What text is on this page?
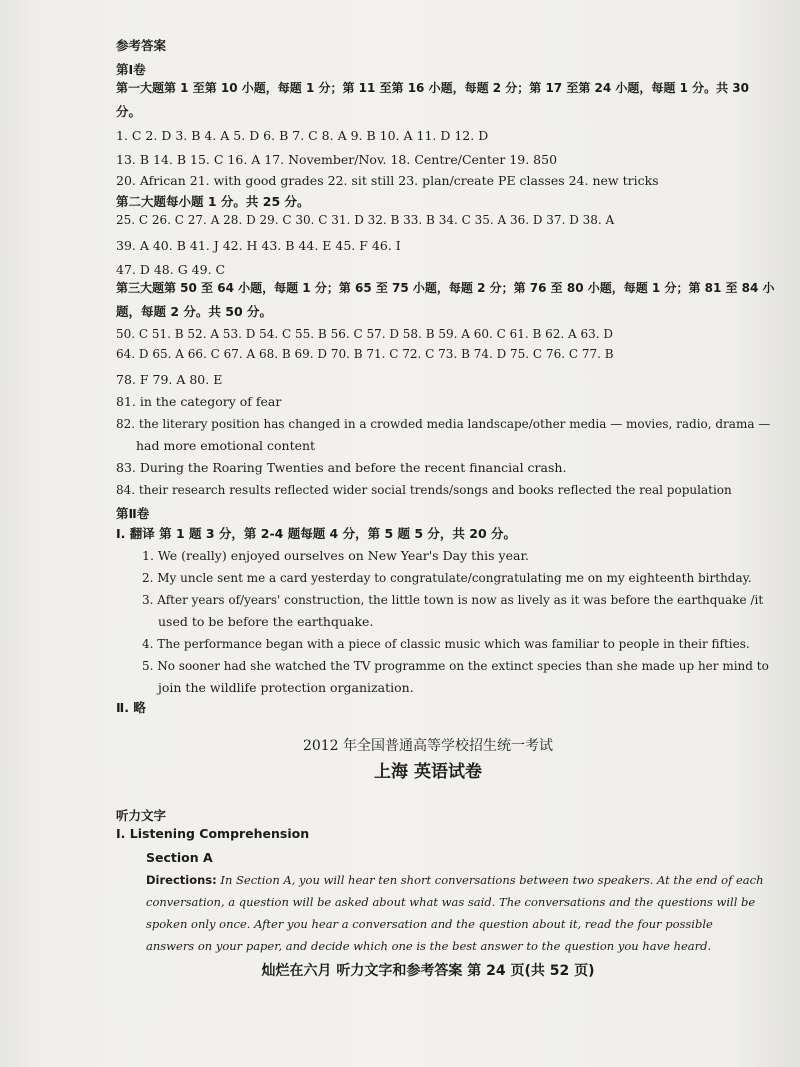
参考答案
第Ⅰ卷
第一大题第 1 至第 10 小题，每题 1 分；第 11 至第 16 小题，每题 2 分；第 17 至第 24 小题，每题 1 分。共 30
分。
1. C 2. D 3. B 4. A 5. D 6. B 7. C 8. A 9. B 10. A 11. D 12. D
13. B 14. B 15. C 16. A 17. November/Nov. 18. Centre/Center 19. 850
20. African 21. with good grades 22. sit still 23. plan/create PE classes 24. new tricks
第二大题每小题 1 分。共 25 分。
25. C 26. C 27. A 28. D 29. C 30. C 31. D 32. B 33. B 34. C 35. A 36. D 37. D 38. A
39. A 40. B 41. J 42. H 43. B 44. E 45. F 46. I
47. D 48. G 49. C
第三大题第 50 至 64 小题，每题 1 分；第 65 至 75 小题，每题 2 分；第 76 至 80 小题，每题 1 分；第 81 至 84 小
题，每题 2 分。共 50 分。
50. C 51. B 52. A 53. D 54. C 55. B 56. C 57. D 58. B 59. A 60. C 61. B 62. A 63. D
64. D 65. A 66. C 67. A 68. B 69. D 70. B 71. C 72. C 73. B 74. D 75. C 76. C 77. B
78. F 79. A 80. E
81. in the category of fear
82. the literary position has changed in a crowded media landscape/other media — movies, radio, drama —
had more emotional content
83. During the Roaring Twenties and before the recent financial crash.
84. their research results reflected wider social trends/songs and books reflected the real population
第Ⅱ卷
Ⅰ. 翻译 第 1 题 3 分，第 2-4 题每题 4 分，第 5 题 5 分，共 20 分。
1. We (really) enjoyed ourselves on New Year's Day this year.
2. My uncle sent me a card yesterday to congratulate/congratulating me on my eighteenth birthday.
3. After years of/years' construction, the little town is now as lively as it was before the earthquake /it
used to be before the earthquake.
4. The performance began with a piece of classic music which was familiar to people in their fifties.
5. No sooner had she watched the TV programme on the extinct species than she made up her mind to
join the wildlife protection organization.
Ⅱ. 略
2012 年全国普通高等学校招生统一考试
上海 英语试卷
听力文字
Ⅰ. Listening Comprehension
Section A
Directions: In Section A, you will hear ten short conversations between two speakers. At the end of each
conversation, a question will be asked about what was said. The conversations and the questions will be
spoken only once. After you hear a conversation and the question about it, read the four possible
answers on your paper, and decide which one is the best answer to the question you have heard.
灿烂在六月 听力文字和参考答案 第 24 页(共 52 页)
